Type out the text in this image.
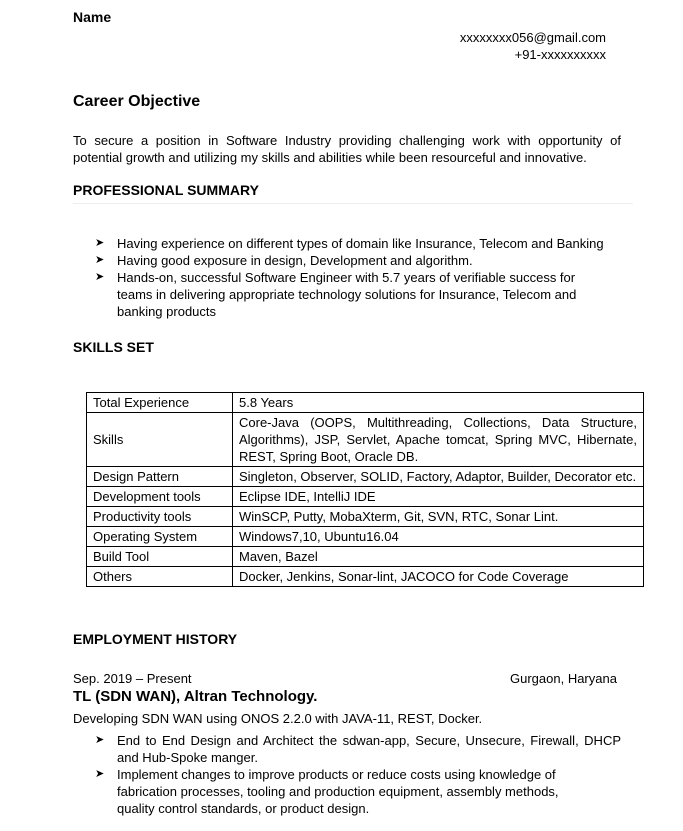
Name
xxxxxxxx056@gmail.com
+91-xxxxxxxxxx
Career Objective
To secure a position in Software Industry providing challenging work with opportunity of potential growth and utilizing my skills and abilities while been resourceful and innovative.
PROFESSIONAL SUMMARY
➤ Having experience on different types of domain like Insurance, Telecom and Banking
➤ Having good exposure in design, Development and algorithm.
➤ Hands-on, successful Software Engineer with 5.7 years of verifiable success for teams in delivering appropriate technology solutions for Insurance, Telecom and banking products
SKILLS SET
Total Experience	5.8 Years
Skills	Core-Java (OOPS, Multithreading, Collections, Data Structure, Algorithms), JSP, Servlet, Apache tomcat, Spring MVC, Hibernate, REST, Spring Boot, Oracle DB.
Design Pattern	Singleton, Observer, SOLID, Factory, Adaptor, Builder, Decorator etc.
Development tools	Eclipse IDE, IntelliJ IDE
Productivity tools	WinSCP, Putty, MobaXterm, Git, SVN, RTC, Sonar Lint.
Operating System	Windows7,10, Ubuntu16.04
Build Tool	Maven, Bazel
Others	Docker, Jenkins, Sonar-lint, JACOCO for Code Coverage
EMPLOYMENT HISTORY
Sep. 2019 – Present	Gurgaon, Haryana
TL (SDN WAN), Altran Technology.
Developing SDN WAN using ONOS 2.2.0 with JAVA-11, REST, Docker.
➤ End to End Design and Architect the sdwan-app, Secure, Unsecure, Firewall, DHCP and Hub-Spoke manger.
➤ Implement changes to improve products or reduce costs using knowledge of fabrication processes, tooling and production equipment, assembly methods, quality control standards, or product design.
